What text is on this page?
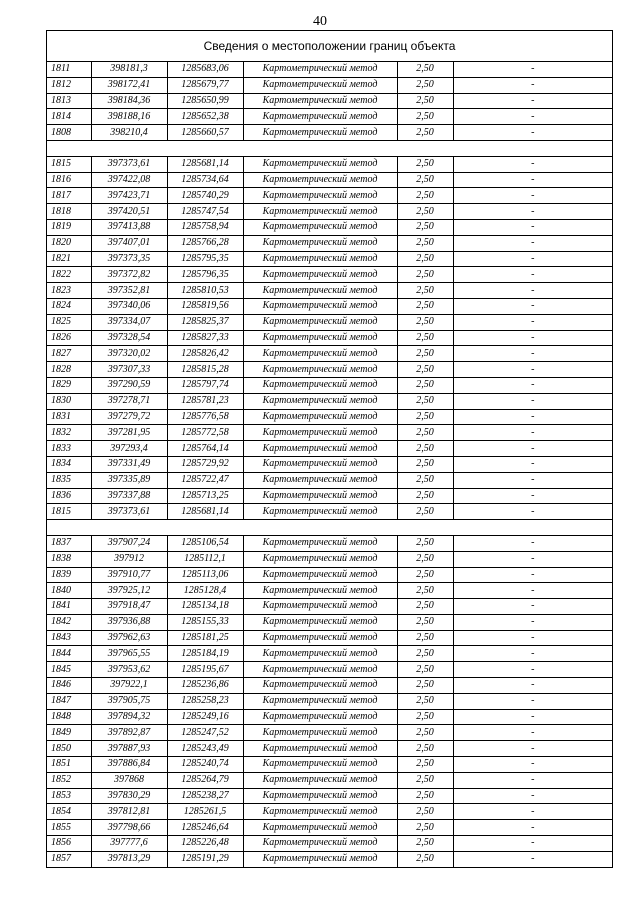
40
Сведения о местоположении границ объекта
1811	398181,3	1285683,06	Картометрический метод	2,50	-
1812	398172,41	1285679,77	Картометрический метод	2,50	-
1813	398184,36	1285650,99	Картометрический метод	2,50	-
1814	398188,16	1285652,38	Картометрический метод	2,50	-
1808	398210,4	1285660,57	Картометрический метод	2,50	-

1815	397373,61	1285681,14	Картометрический метод	2,50	-
1816	397422,08	1285734,64	Картометрический метод	2,50	-
1817	397423,71	1285740,29	Картометрический метод	2,50	-
1818	397420,51	1285747,54	Картометрический метод	2,50	-
1819	397413,88	1285758,94	Картометрический метод	2,50	-
1820	397407,01	1285766,28	Картометрический метод	2,50	-
1821	397373,35	1285795,35	Картометрический метод	2,50	-
1822	397372,82	1285796,35	Картометрический метод	2,50	-
1823	397352,81	1285810,53	Картометрический метод	2,50	-
1824	397340,06	1285819,56	Картометрический метод	2,50	-
1825	397334,07	1285825,37	Картометрический метод	2,50	-
1826	397328,54	1285827,33	Картометрический метод	2,50	-
1827	397320,02	1285826,42	Картометрический метод	2,50	-
1828	397307,33	1285815,28	Картометрический метод	2,50	-
1829	397290,59	1285797,74	Картометрический метод	2,50	-
1830	397278,71	1285781,23	Картометрический метод	2,50	-
1831	397279,72	1285776,58	Картометрический метод	2,50	-
1832	397281,95	1285772,58	Картометрический метод	2,50	-
1833	397293,4	1285764,14	Картометрический метод	2,50	-
1834	397331,49	1285729,92	Картометрический метод	2,50	-
1835	397335,89	1285722,47	Картометрический метод	2,50	-
1836	397337,88	1285713,25	Картометрический метод	2,50	-
1815	397373,61	1285681,14	Картометрический метод	2,50	-

1837	397907,24	1285106,54	Картометрический метод	2,50	-
1838	397912	1285112,1	Картометрический метод	2,50	-
1839	397910,77	1285113,06	Картометрический метод	2,50	-
1840	397925,12	1285128,4	Картометрический метод	2,50	-
1841	397918,47	1285134,18	Картометрический метод	2,50	-
1842	397936,88	1285155,33	Картометрический метод	2,50	-
1843	397962,63	1285181,25	Картометрический метод	2,50	-
1844	397965,55	1285184,19	Картометрический метод	2,50	-
1845	397953,62	1285195,67	Картометрический метод	2,50	-
1846	397922,1	1285236,86	Картометрический метод	2,50	-
1847	397905,75	1285258,23	Картометрический метод	2,50	-
1848	397894,32	1285249,16	Картометрический метод	2,50	-
1849	397892,87	1285247,52	Картометрический метод	2,50	-
1850	397887,93	1285243,49	Картометрический метод	2,50	-
1851	397886,84	1285240,74	Картометрический метод	2,50	-
1852	397868	1285264,79	Картометрический метод	2,50	-
1853	397830,29	1285238,27	Картометрический метод	2,50	-
1854	397812,81	1285261,5	Картометрический метод	2,50	-
1855	397798,66	1285246,64	Картометрический метод	2,50	-
1856	397777,6	1285226,48	Картометрический метод	2,50	-
1857	397813,29	1285191,29	Картометрический метод	2,50	-
